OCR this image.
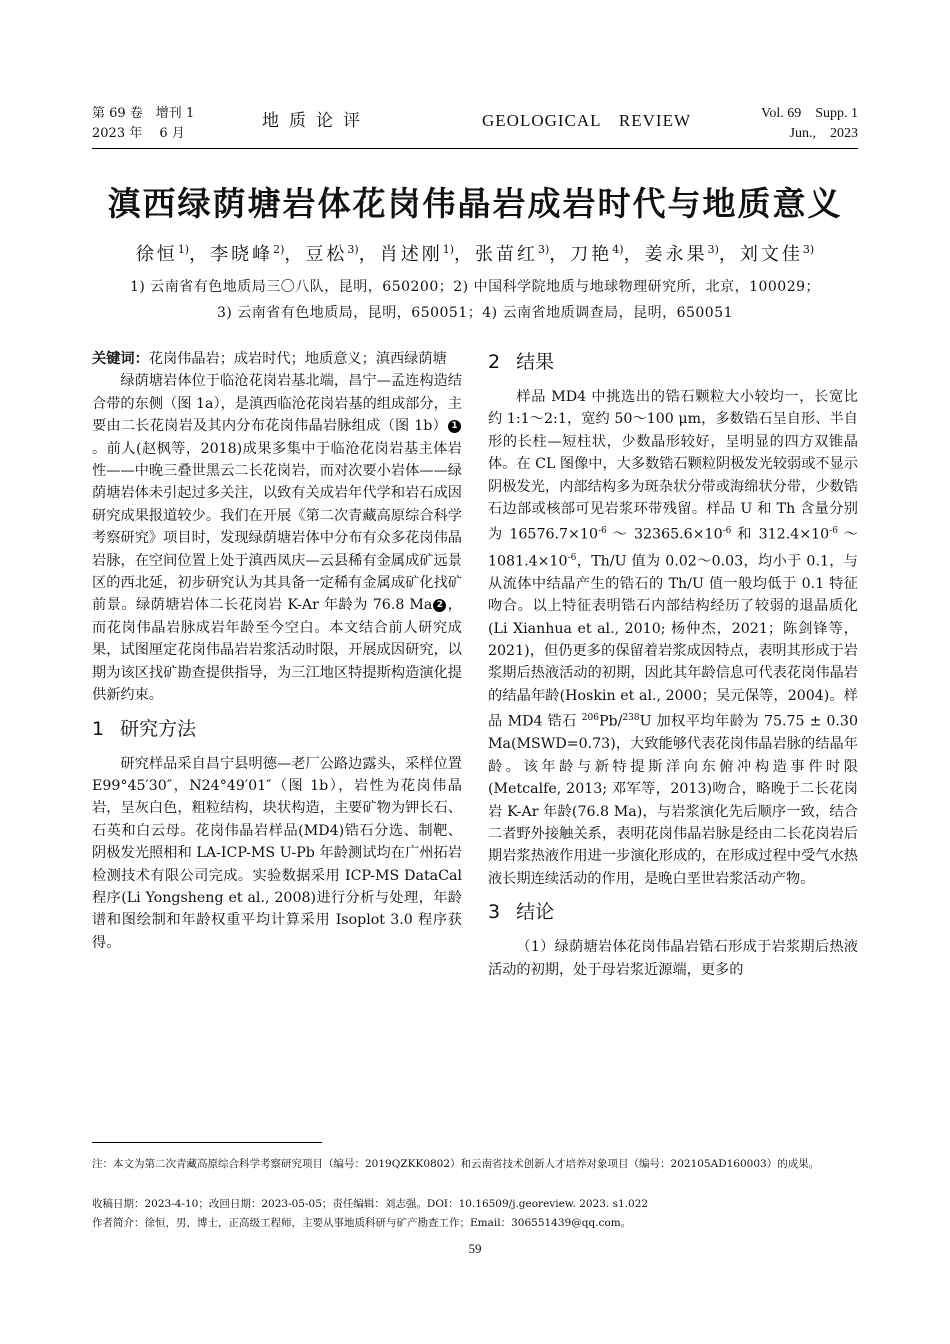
第 69 卷　增刊 1
2023 年　 6 月
地质论评	GEOLOGICAL　REVIEW	Vol. 69　Supp. 1
Jun.,　2023
滇西绿荫塘岩体花岗伟晶岩成岩时代与地质意义
徐恒$^{1)}$，李晓峰$^{2)}$，豆松$^{3)}$，肖述刚$^{1)}$，张苗红$^{3)}$，刀艳$^{4)}$，姜永果$^{3)}$，刘文佳$^{3)}$
1) 云南省有色地质局三〇八队，昆明，650200；2) 中国科学院地质与地球物理研究所，北京，100029；
3) 云南省有色地质局，昆明，650051；4) 云南省地质调查局，昆明，650051

关键词：花岗伟晶岩；成岩时代；地质意义；滇西绿荫塘

绿荫塘岩体位于临沧花岗岩基北端，昌宁—孟连构造结合带的东侧（图 1a），是滇西临沧花岗岩基的组成部分，主要由二长花岗岩及其内分布花岗伟晶岩脉组成（图 1b） 1。前人(赵枫等，2018)成果多集中于临沧花岗岩基主体岩性——中晚三叠世黑云二长花岗岩，而对次要小岩体——绿荫塘岩体未引起过多关注，以致有关成岩年代学和岩石成因研究成果报道较少。我们在开展《第二次青藏高原综合科学考察研究》项目时，发现绿荫塘岩体中分布有众多花岗伟晶岩脉，在空间位置上处于滇西凤庆—云县稀有金属成矿远景区的西北延，初步研究认为其具备一定稀有金属成矿化找矿前景。绿荫塘岩体二长花岗岩 K-Ar 年龄为 76.8 Ma 2 ，而花岗伟晶岩脉成岩年龄至今空白。本文结合前人研究成果，试图厘定花岗伟晶岩岩浆活动时限，开展成因研究，以期为该区找矿勘查提供指导，为三江地区特提斯构造演化提供新约束。

1 研究方法

研究样品采自昌宁县明德—老厂公路边露头，采样位置 E99°45′30″，N24°49′01″（图 1b），岩性为花岗伟晶岩，呈灰白色，粗粒结构，块状构造，主要矿物为钾长石、石英和白云母。花岗伟晶岩样品(MD4)锆石分选、制靶、阴极发光照相和 LA-ICP-MS U-Pb 年龄测试均在广州拓岩检测技术有限公司完成。实验数据采用 ICP-MS DataCal 程序(Li Yongsheng et al., 2008)进行分析与处理，年龄谱和图绘制和年龄权重平均计算采用 Isoplot 3.0 程序获得。

2 结果

样品 MD4 中挑选出的锆石颗粒大小较均一，长宽比约 1:1～2:1，宽约 50～100 μm，多数锆石呈自形、半自形的长柱—短柱状，少数晶形较好，呈明显的四方双锥晶体。在 CL 图像中，大多数锆石颗粒阴极发光较弱或不显示阴极发光，内部结构多为斑杂状分带或海绵状分带，少数锆石边部或核部可见岩浆环带残留。样品 U 和 Th 含量分别为 $16576.7\times 10^{-6}$ ～ $32365.6\times 10^{-6}$ 和 $312.4\times 10^{-6}$ ～ $1081.4\times 10^{-6}$，Th/U 值为 0.02～0.03，均小于 0.1，与从流体中结晶产生的锆石的 Th/U 值一般均低于 0.1 特征吻合。以上特征表明锆石内部结构经历了较弱的退晶质化(Li Xianhua et al., 2010; 杨仲杰，2021；陈剑锋等，2021)，但仍更多的保留着岩浆成因特点，表明其形成于岩浆期后热液活动的初期，因此其年龄信息可代表花岗伟晶岩的结晶年龄(Hoskin et al., 2000；吴元保等，2004)。样品 MD4 锆石 $^{206}$Pb/$^{238}$U 加权平均年龄为 75.75 ± 0.30 Ma(MSWD=0.73)，大致能够代表花岗伟晶岩脉的结晶年龄。该年龄与新特提斯洋向东俯冲构造事件时限(Metcalfe, 2013; 邓军等，2013)吻合，略晚于二长花岗岩 K-Ar 年龄(76.8 Ma)，与岩浆演化先后顺序一致，结合二者野外接触关系，表明花岗伟晶岩脉是经由二长花岗岩后期岩浆热液作用进一步演化形成的，在形成过程中受气水热液长期连续活动的作用，是晚白垩世岩浆活动产物。

3 结论

（1）绿荫塘岩体花岗伟晶岩锆石形成于岩浆期后热液活动的初期，处于母岩浆近源端，更多的

注：本文为第二次青藏高原综合科学考察研究项目（编号：2019QZKK0802）和云南省技术创新人才培养对象项目（编号：202105AD160003）的成果。
收稿日期：2023-4-10；改回日期：2023-05-05；责任编辑：刘志强。DOI：10.16509/j.georeview. 2023. s1.022
作者简介：徐恒，男，博士，正高级工程师，主要从事地质科研与矿产勘查工作；Email：306551439@qq.com。
59
